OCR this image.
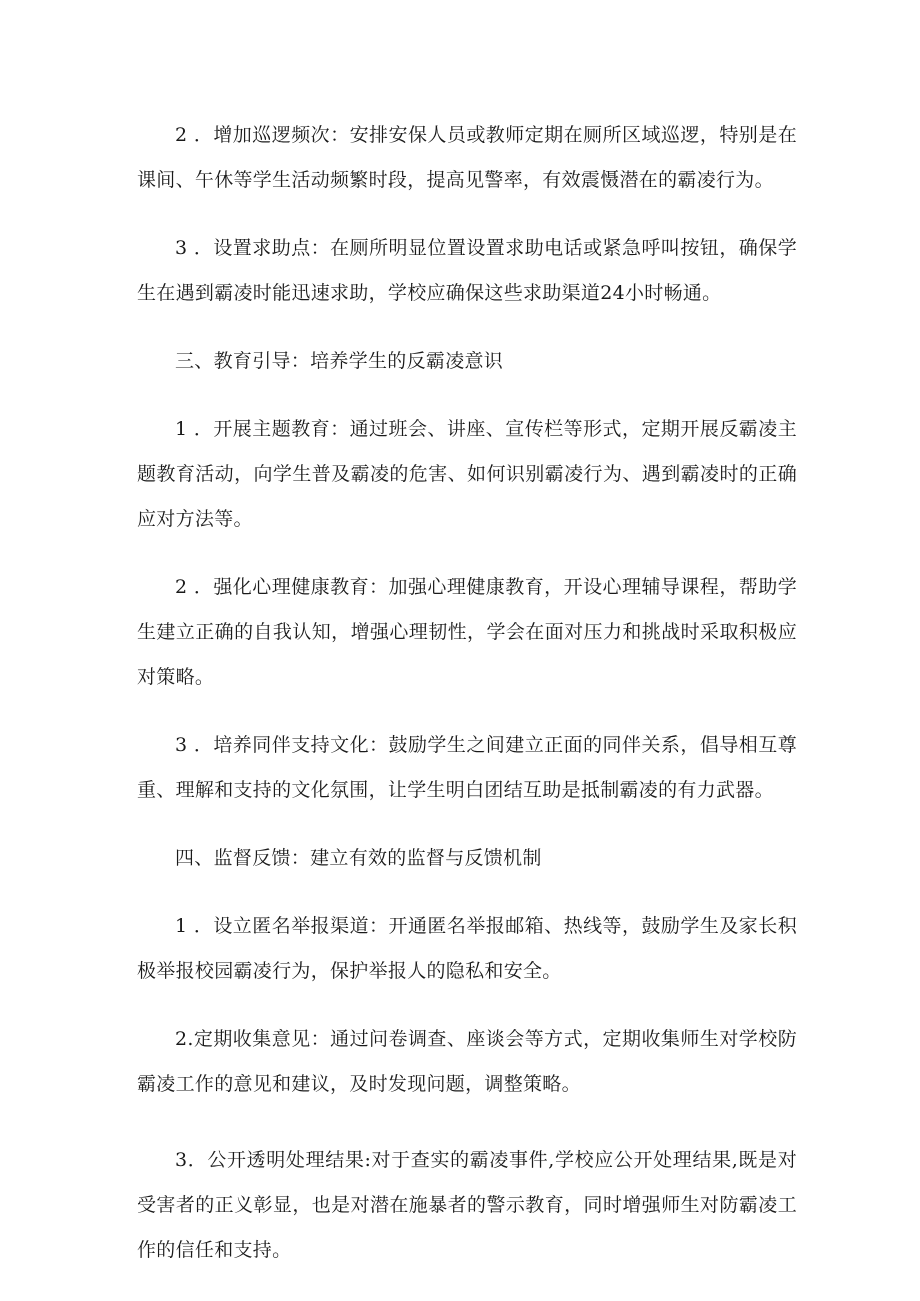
2 ．增加巡逻频次：安排安保人员或教师定期在厕所区域巡逻，特别是在课间、午休等学生活动频繁时段，提高见警率，有效震慑潜在的霸凌行为。

3 ．设置求助点：在厕所明显位置设置求助电话或紧急呼叫按钮，确保学生在遇到霸凌时能迅速求助，学校应确保这些求助渠道24小时畅通。

三、教育引导：培养学生的反霸凌意识

1 ．开展主题教育：通过班会、讲座、宣传栏等形式，定期开展反霸凌主题教育活动，向学生普及霸凌的危害、如何识别霸凌行为、遇到霸凌时的正确应对方法等。

2 ．强化心理健康教育：加强心理健康教育，开设心理辅导课程，帮助学生建立正确的自我认知，增强心理韧性，学会在面对压力和挑战时采取积极应对策略。

3 ．培养同伴支持文化：鼓励学生之间建立正面的同伴关系，倡导相互尊重、理解和支持的文化氛围，让学生明白团结互助是抵制霸凌的有力武器。

四、监督反馈：建立有效的监督与反馈机制

1 ．设立匿名举报渠道：开通匿名举报邮箱、热线等，鼓励学生及家长积极举报校园霸凌行为，保护举报人的隐私和安全。

2.定期收集意见：通过问卷调查、座谈会等方式，定期收集师生对学校防霸凌工作的意见和建议，及时发现问题，调整策略。

3．公开透明处理结果:对于查实的霸凌事件,学校应公开处理结果,既是对受害者的正义彰显，也是对潜在施暴者的警示教育，同时增强师生对防霸凌工作的信任和支持。
